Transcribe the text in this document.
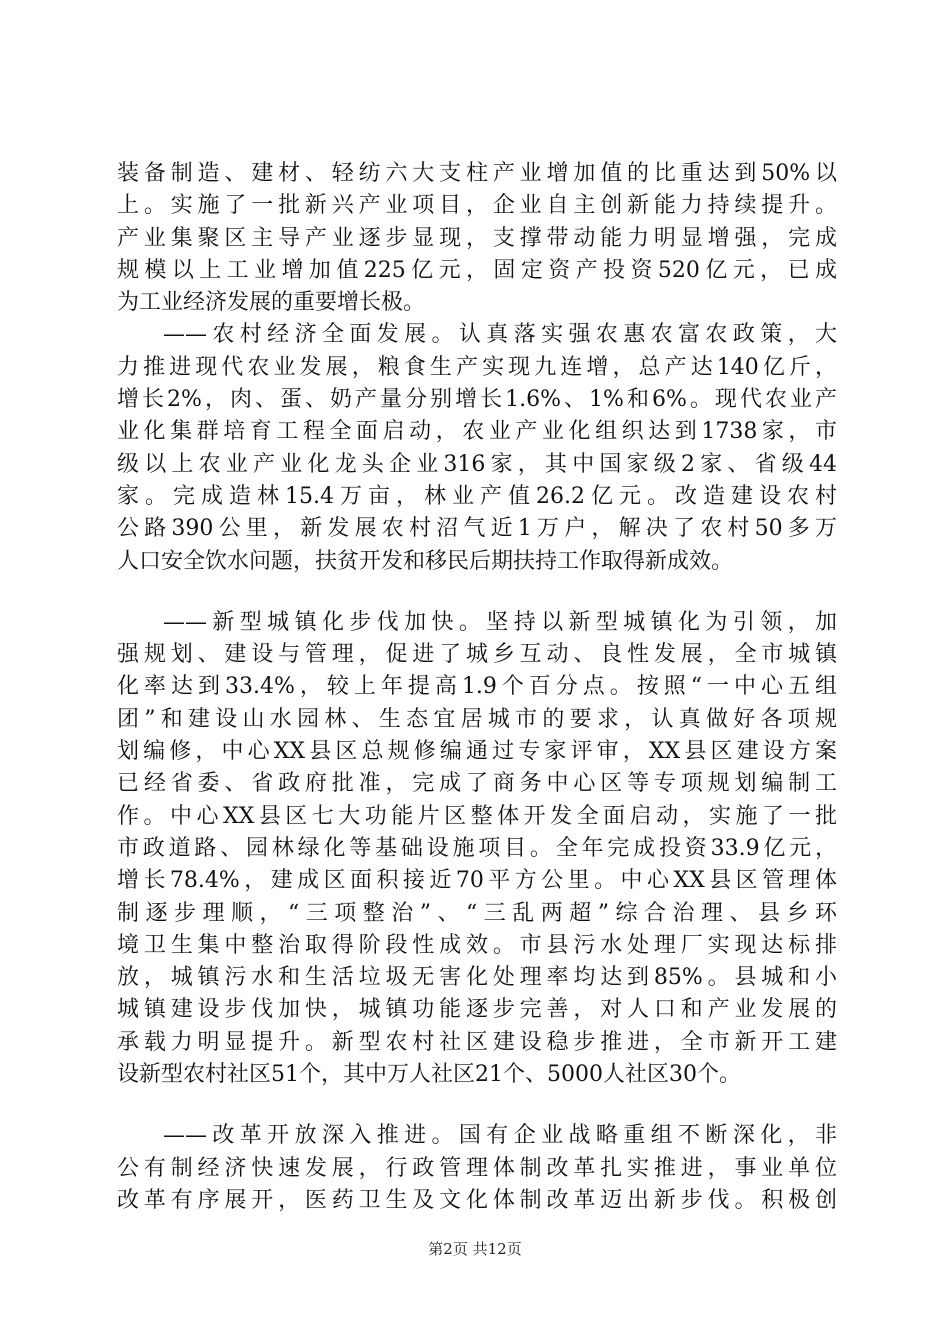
装备制造、建材、轻纺六大支柱产业增加值的比重达到50%以
上。实施了一批新兴产业项目，企业自主创新能力持续提升。
产业集聚区主导产业逐步显现，支撑带动能力明显增强，完成
规模以上工业增加值225亿元，固定资产投资520亿元，已成
为工业经济发展的重要增长极。
——农村经济全面发展。认真落实强农惠农富农政策，大
力推进现代农业发展，粮食生产实现九连增，总产达140亿斤，
增长2%，肉、蛋、奶产量分别增长1.6%、1%和6%。现代农业产
业化集群培育工程全面启动，农业产业化组织达到1738家，市
级以上农业产业化龙头企业316家，其中国家级2家、省级44
家。完成造林15.4万亩，林业产值26.2亿元。改造建设农村
公路390公里，新发展农村沼气近1万户，解决了农村50多万
人口安全饮水问题，扶贫开发和移民后期扶持工作取得新成效。
——新型城镇化步伐加快。坚持以新型城镇化为引领，加
强规划、建设与管理，促进了城乡互动、良性发展，全市城镇
化率达到33.4%，较上年提高1.9个百分点。按照“一中心五组
团”和建设山水园林、生态宜居城市的要求，认真做好各项规
划编修，中心XX县区总规修编通过专家评审，XX县区建设方案
已经省委、省政府批准，完成了商务中心区等专项规划编制工
作。中心XX县区七大功能片区整体开发全面启动，实施了一批
市政道路、园林绿化等基础设施项目。全年完成投资33.9亿元，
增长78.4%，建成区面积接近70平方公里。中心XX县区管理体
制逐步理顺，“三项整治”、“三乱两超”综合治理、县乡环
境卫生集中整治取得阶段性成效。市县污水处理厂实现达标排
放，城镇污水和生活垃圾无害化处理率均达到85%。县城和小
城镇建设步伐加快，城镇功能逐步完善，对人口和产业发展的
承载力明显提升。新型农村社区建设稳步推进，全市新开工建
设新型农村社区51个，其中万人社区21个、5000人社区30个。
——改革开放深入推进。国有企业战略重组不断深化，非
公有制经济快速发展，行政管理体制改革扎实推进，事业单位
改革有序展开，医药卫生及文化体制改革迈出新步伐。积极创
第2页 共12页
